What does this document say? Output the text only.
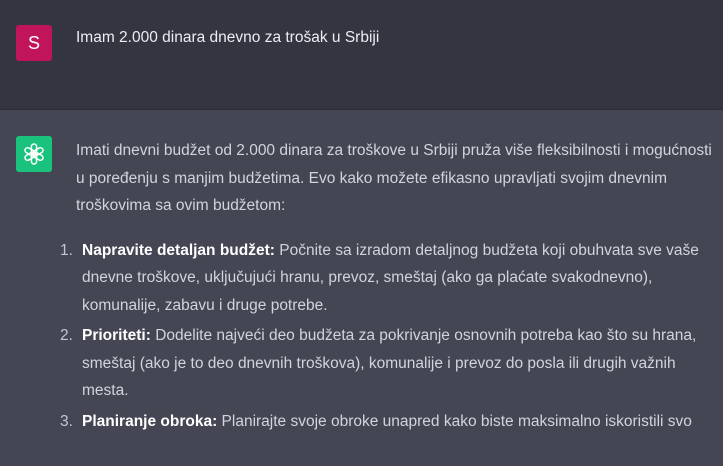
S Imam 2.000 dinara dnevno za trošak u Srbiji

Imati dnevni budžet od 2.000 dinara za troškove u Srbiji pruža više fleksibilnosti i mogućnosti u poređenju s manjim budžetima. Evo kako možete efikasno upravljati svojim dnevnim troškovima sa ovim budžetom:

1. Napravite detaljan budžet: Počnite sa izradom detaljnog budžeta koji obuhvata sve vaše dnevne troškove, uključujući hranu, prevoz, smeštaj (ako ga plaćate svakodnevno), komunalije, zabavu i druge potrebe.
2. Prioriteti: Dodelite najveći deo budžeta za pokrivanje osnovnih potreba kao što su hrana, smeštaj (ako je to deo dnevnih troškova), komunalije i prevoz do posla ili drugih važnih mesta.
3. Planiranje obroka: Planirajte svoje obroke unapred kako biste maksimalno iskoristili svo
